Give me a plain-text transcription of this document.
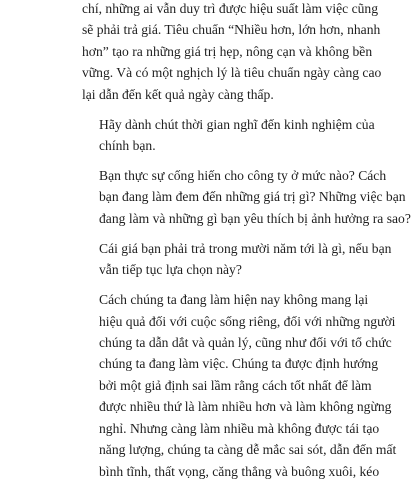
chí, những ai vẫn duy trì được hiệu suất làm việc cũng
sẽ phải trả giá. Tiêu chuẩn “Nhiều hơn, lớn hơn, nhanh
hơn” tạo ra những giá trị hẹp, nông cạn và không bền
vững. Và có một nghịch lý là tiêu chuẩn ngày càng cao
lại dẫn đến kết quả ngày càng thấp.

Hãy dành chút thời gian nghĩ đến kinh nghiệm của
chính bạn.

Bạn thực sự cống hiến cho công ty ở mức nào? Cách
bạn đang làm đem đến những giá trị gì? Những việc bạn
đang làm và những gì bạn yêu thích bị ảnh hưởng ra sao?

Cái giá bạn phải trả trong mười năm tới là gì, nếu bạn
vẫn tiếp tục lựa chọn này?

Cách chúng ta đang làm hiện nay không mang lại
hiệu quả đối với cuộc sống riêng, đối với những người
chúng ta dẫn dắt và quản lý, cũng như đối với tổ chức
chúng ta đang làm việc. Chúng ta được định hướng
bởi một giả định sai lầm rằng cách tốt nhất để làm
được nhiều thứ là làm nhiều hơn và làm không ngừng
nghỉ. Nhưng càng làm nhiều mà không được tái tạo
năng lượng, chúng ta càng dễ mắc sai sót, dẫn đến mất
bình tĩnh, thất vọng, căng thẳng và buông xuôi, kéo
